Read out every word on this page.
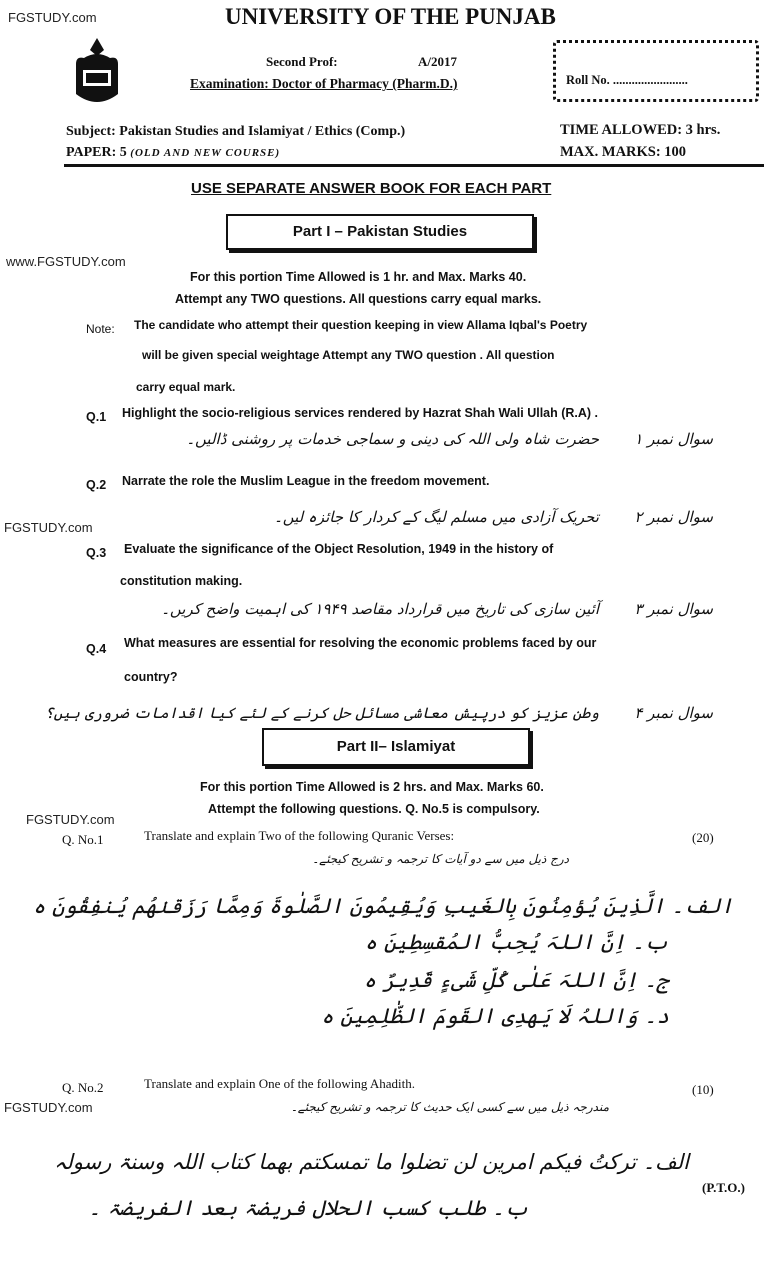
FGSTUDY.com
www.FGSTUDY.com
FGSTUDY.com
FGSTUDY.com
FGSTUDY.com
UNIVERSITY OF THE PUNJAB
Second Prof:	A/2017
Examination: Doctor of Pharmacy (Pharm.D.)	Roll No. ........................
Subject: Pakistan Studies and Islamiyat / Ethics (Comp.)
PAPER: 5 (OLD AND NEW COURSE)
TIME ALLOWED: 3 hrs.
MAX. MARKS: 100
USE SEPARATE ANSWER BOOK FOR EACH PART
Part I – Pakistan Studies
For this portion Time Allowed is 1 hr. and Max. Marks 40.
Attempt any TWO questions. All questions carry equal marks.
Note: The candidate who attempt their question keeping in view Allama Iqbal's Poetry
will be given special weightage Attempt any TWO question . All question
carry equal mark.
Q.1 Highlight the socio-religious services rendered by Hazrat Shah Wali Ullah (R.A) .
سوال نمبر ۱
حضرت شاہ ولی اللہ کی دینی و سماجی خدمات پر روشنی ڈالیں۔
Q.2 Narrate the role the Muslim League in the freedom movement.
سوال نمبر ۲
تحریک آزادی میں مسلم لیگ کے کردار کا جائزہ لیں۔
Q.3 Evaluate the significance of the Object Resolution, 1949 in the history of
constitution making.
سوال نمبر ۳
آئین سازی کی تاریخ میں قرارداد مقاصد ۱۹۴۹ کی اہمیت واضح کریں۔
Q.4 What measures are essential for resolving the economic problems faced by our
country?
سوال نمبر ۴
وطن عزیز کو درپیش معاشی مسائل حل کرنے کے لئے کیا اقدامات ضروری ہیں؟
Part II– Islamiyat
For this portion Time Allowed is 2 hrs. and Max. Marks 60.
Attempt the following questions. Q. No.5 is compulsory.
Q. No.1	Translate and explain Two of the following Quranic Verses:	(20)
درج ذیل میں سے دو آیات کا ترجمہ و تشریح کیجئے۔
الف۔ الَّذِینَ یُؤمِنُونَ بِالغَیبِ وَیُقِیمُونَ الصَّلٰوۃَ وَمِمَّا رَزَقنٰھُم یُنفِقُونَ ہ
ب۔ اِنَّ اللہَ یُحِبُّ المُقسِطِینَ ہ
ج۔ اِنَّ اللہَ عَلٰی کُلِّ شَیءٍ قَدِیرٌ ہ
د۔ وَاللہُ لَا یَھدِی القَومَ الظّٰلِمِینَ ہ
Q. No.2	Translate and explain One of the following Ahadith.	(10)
مندرجہ ذیل میں سے کسی ایک حدیث کا ترجمہ و تشریح کیجئے۔
الف۔ ترکتُ فیکم امرین لن تضلوا ما تمسکتم بھما کتاب اللہ وسنۃ رسولہ
ب۔ طلب کسب الحلال فریضۃ بعد الفریضۃ ۔
(P.T.O.)
